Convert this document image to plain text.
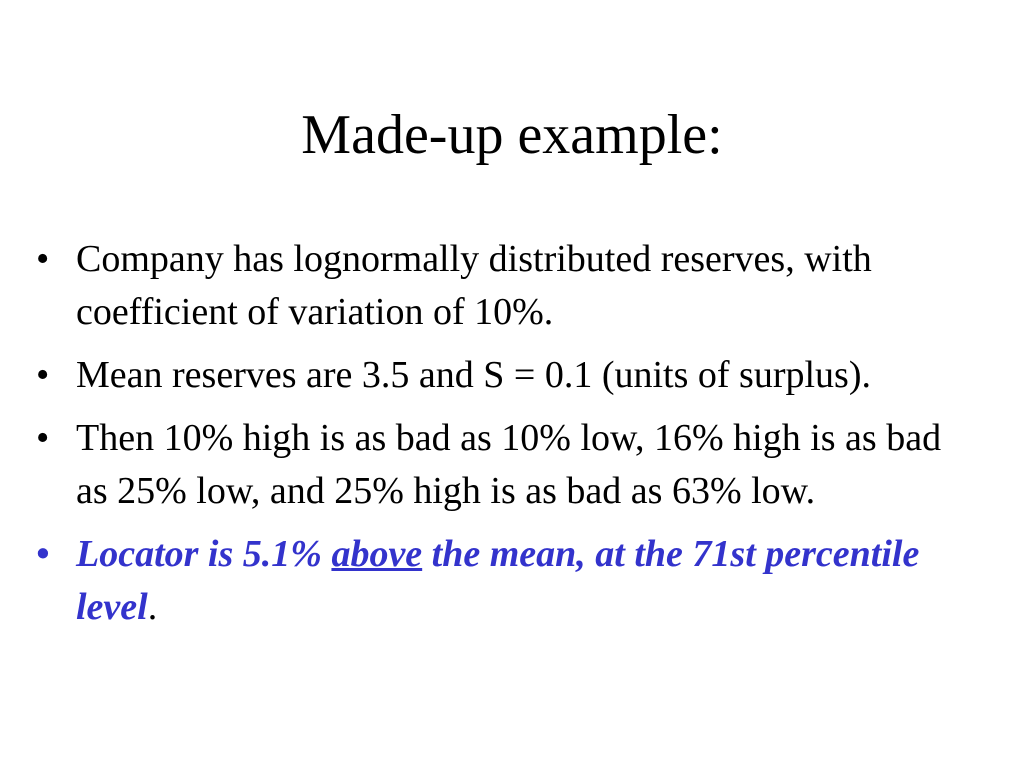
Made-up example:
• Company has lognormally distributed reserves, with coefficient of variation of 10%.
• Mean reserves are 3.5 and S = 0.1 (units of surplus).
• Then 10% high is as bad as 10% low, 16% high is as bad as 25% low, and 25% high is as bad as 63% low.
• Locator is 5.1% above the mean, at the 71st percentile level.
